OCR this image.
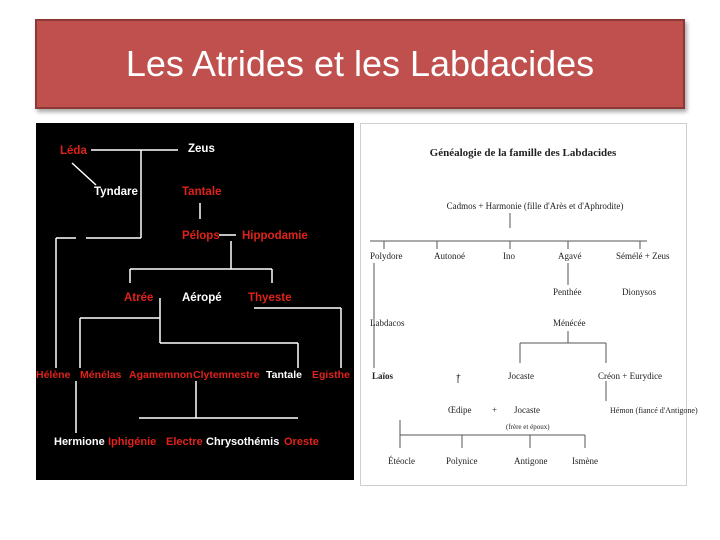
Les Atrides et les Labdacides
Léda	Zeus
Tyndare	Tantale
Pélops Hippodamie
Atrée Aéropé Thyeste
Hélène Ménélas Agamemnon Clytemnestre Tantale Egisthe
Hermione Iphigénie Electre Chrysothémis Oreste
Généalogie de la famille des Labdacides
Cadmos + Harmonie (fille d'Arès et d'Aphrodite)
Polydore	Autonoé	Ino	Agavé	Sémélé + Zeus
Penthée	Dionysos
Labdacos	Ménécée
Laïos	+	Jocaste	Créon + Eurydice
Œdipe + Jocaste	Hémon (fiancé d'Antigone)
(frère et époux)
Étéocle	Polynice	Antigone	Ismène
